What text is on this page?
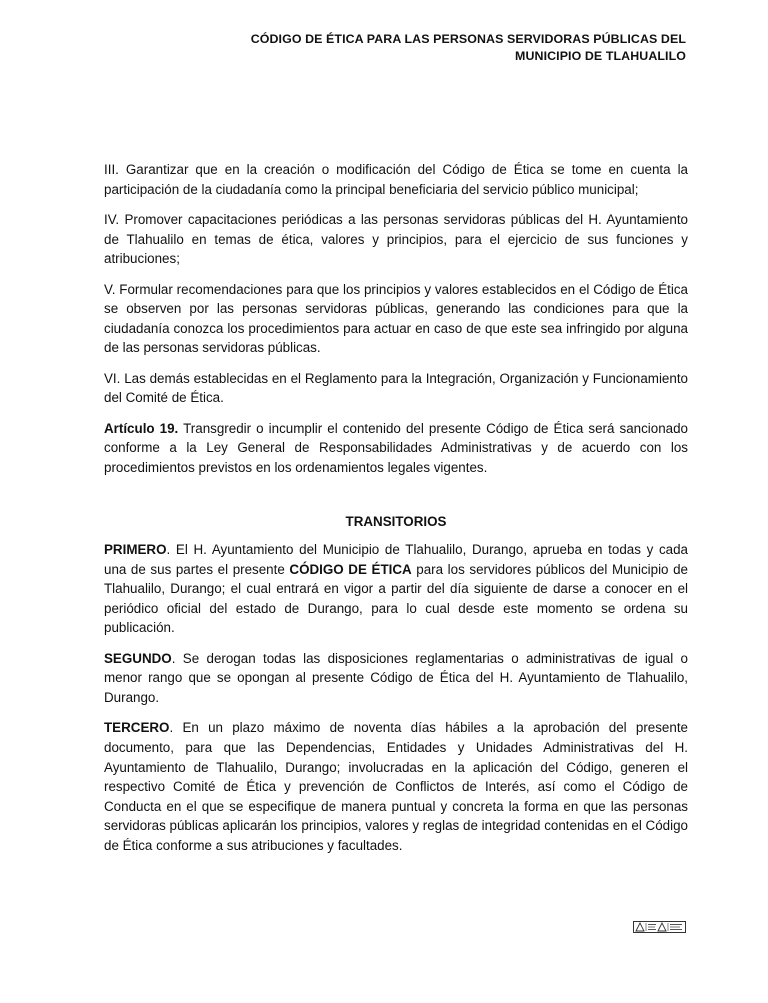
CÓDIGO DE ÉTICA PARA LAS PERSONAS SERVIDORAS PÚBLICAS DEL
MUNICIPIO DE TLAHUALILO

III. Garantizar que en la creación o modificación del Código de Ética se tome en cuenta la participación de la ciudadanía como la principal beneficiaria del servicio público municipal;

IV. Promover capacitaciones periódicas a las personas servidoras públicas del H. Ayuntamiento de Tlahualilo en temas de ética, valores y principios, para el ejercicio de sus funciones y atribuciones;

V. Formular recomendaciones para que los principios y valores establecidos en el Código de Ética se observen por las personas servidoras públicas, generando las condiciones para que la ciudadanía conozca los procedimientos para actuar en caso de que este sea infringido por alguna de las personas servidoras públicas.

VI. Las demás establecidas en el Reglamento para la Integración, Organización y Funcionamiento del Comité de Ética.

Artículo 19. Transgredir o incumplir el contenido del presente Código de Ética será sancionado conforme a la Ley General de Responsabilidades Administrativas y de acuerdo con los procedimientos previstos en los ordenamientos legales vigentes.

TRANSITORIOS

PRIMERO. El H. Ayuntamiento del Municipio de Tlahualilo, Durango, aprueba en todas y cada una de sus partes el presente CÓDIGO DE ÉTICA para los servidores públicos del Municipio de Tlahualilo, Durango; el cual entrará en vigor a partir del día siguiente de darse a conocer en el periódico oficial del estado de Durango, para lo cual desde este momento se ordena su publicación.

SEGUNDO. Se derogan todas las disposiciones reglamentarias o administrativas de igual o menor rango que se opongan al presente Código de Ética del H. Ayuntamiento de Tlahualilo, Durango.

TERCERO. En un plazo máximo de noventa días hábiles a la aprobación del presente documento, para que las Dependencias, Entidades y Unidades Administrativas del H. Ayuntamiento de Tlahualilo, Durango; involucradas en la aplicación del Código, generen el respectivo Comité de Ética y prevención de Conflictos de Interés, así como el Código de Conducta en el que se especifique de manera puntual y concreta la forma en que las personas servidoras públicas aplicarán los principios, valores y reglas de integridad contenidas en el Código de Ética conforme a sus atribuciones y facultades.
